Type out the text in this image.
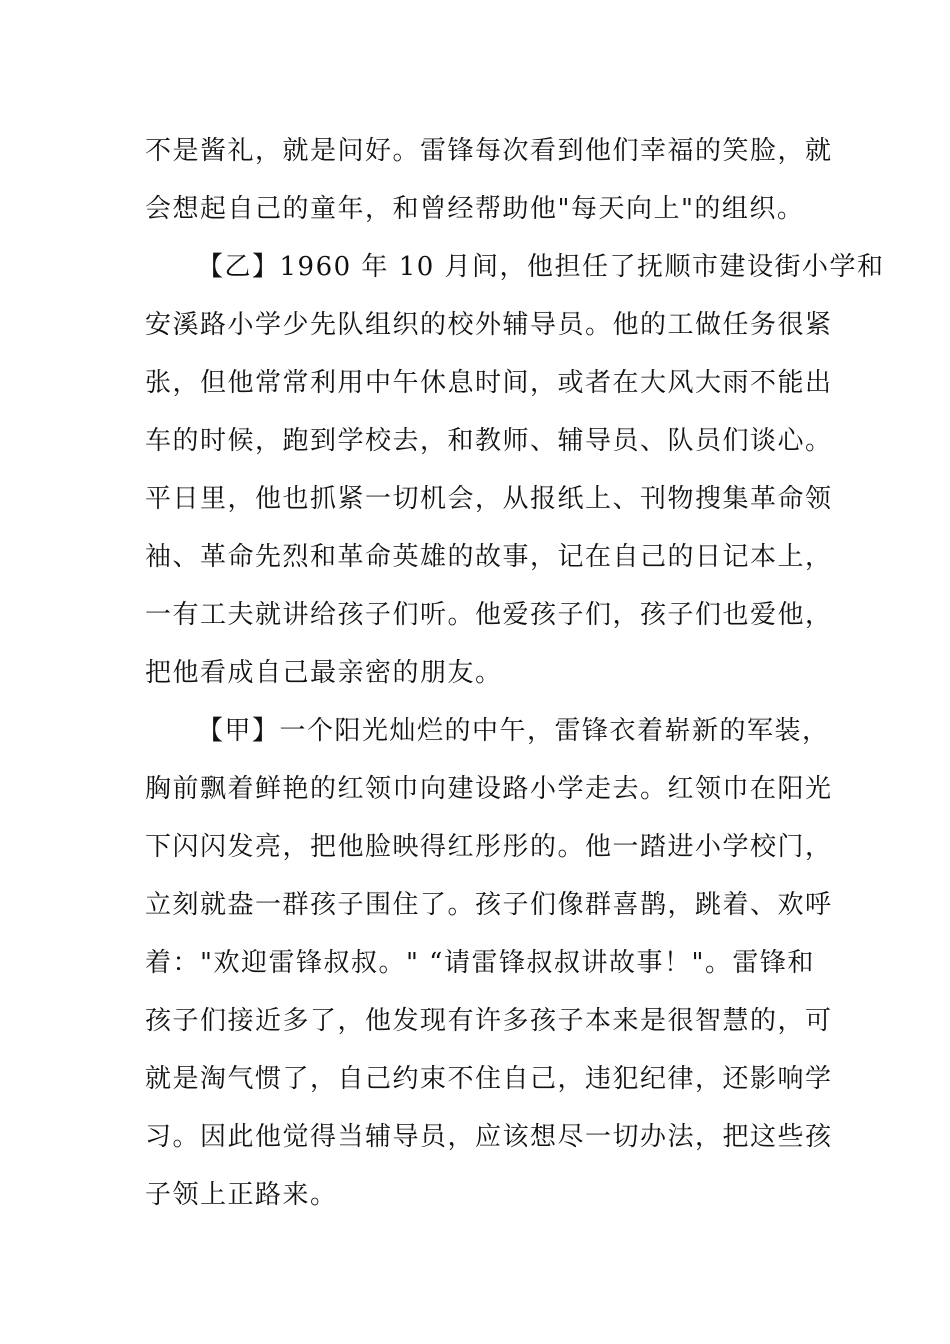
不是酱礼，就是问好。雷锋每次看到他们幸福的笑脸，就
会想起自己的童年，和曾经帮助他"每天向上"的组织。
【乙】1960 年 10 月间，他担任了抚顺市建设街小学和
安溪路小学少先队组织的校外辅导员。他的工做任务很紧
张，但他常常利用中午休息时间，或者在大风大雨不能出
车的时候，跑到学校去，和教师、辅导员、队员们谈心。
平日里，他也抓紧一切机会，从报纸上、刊物搜集革命领
袖、革命先烈和革命英雄的故事，记在自己的日记本上，
一有工夫就讲给孩子们听。他爱孩子们，孩子们也爱他，
把他看成自己最亲密的朋友。
【甲】一个阳光灿烂的中午，雷锋衣着崭新的军装，
胸前飘着鲜艳的红领巾向建设路小学走去。红领巾在阳光
下闪闪发亮，把他脸映得红彤彤的。他一踏进小学校门，
立刻就盎一群孩子围住了。孩子们像群喜鹊，跳着、欢呼
着："欢迎雷锋叔叔。" “请雷锋叔叔讲故事！"。雷锋和
孩子们接近多了，他发现有许多孩子本来是很智慧的，可
就是淘气惯了，自己约束不住自己，违犯纪律，还影响学
习。因此他觉得当辅导员，应该想尽一切办法，把这些孩
子领上正路来。
